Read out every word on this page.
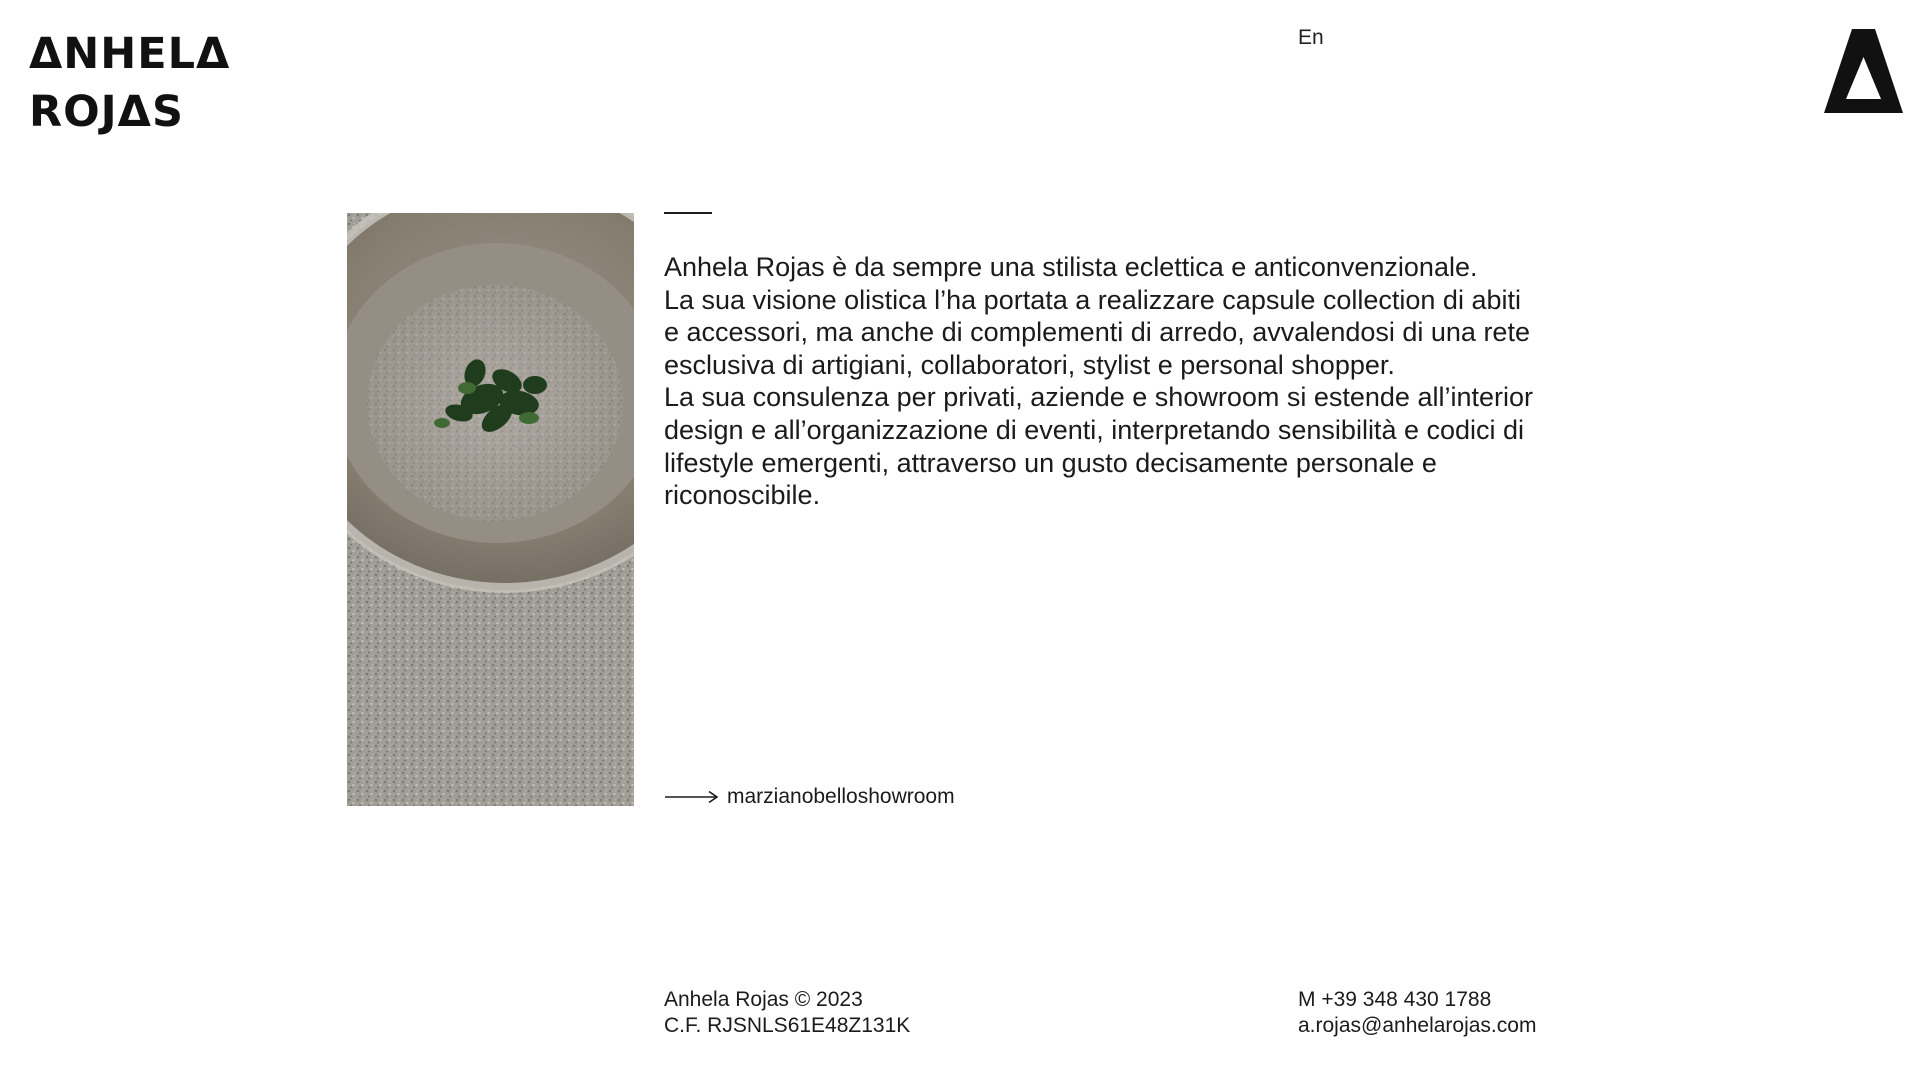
ΔNHELΔ
ROJΔS
En

Anhela Rojas è da sempre una stilista eclettica e anticonvenzionale.

La sua visione olistica l’ha portata a realizzare capsule collection di abiti

e accessori, ma anche di complementi di arredo, avvalendosi di una rete

esclusiva di artigiani, collaboratori, stylist e personal shopper.

La sua consulenza per privati, aziende e showroom si estende all’interior

design e all’organizzazione di eventi, interpretando sensibilità e codici di

lifestyle emergenti, attraverso un gusto decisamente personale e

riconoscibile.

marzianobelloshowroom
Anhela Rojas © 2023
C.F. RJSNLS61E48Z131K
M +39 348 430 1788
a.rojas@anhelarojas.com
